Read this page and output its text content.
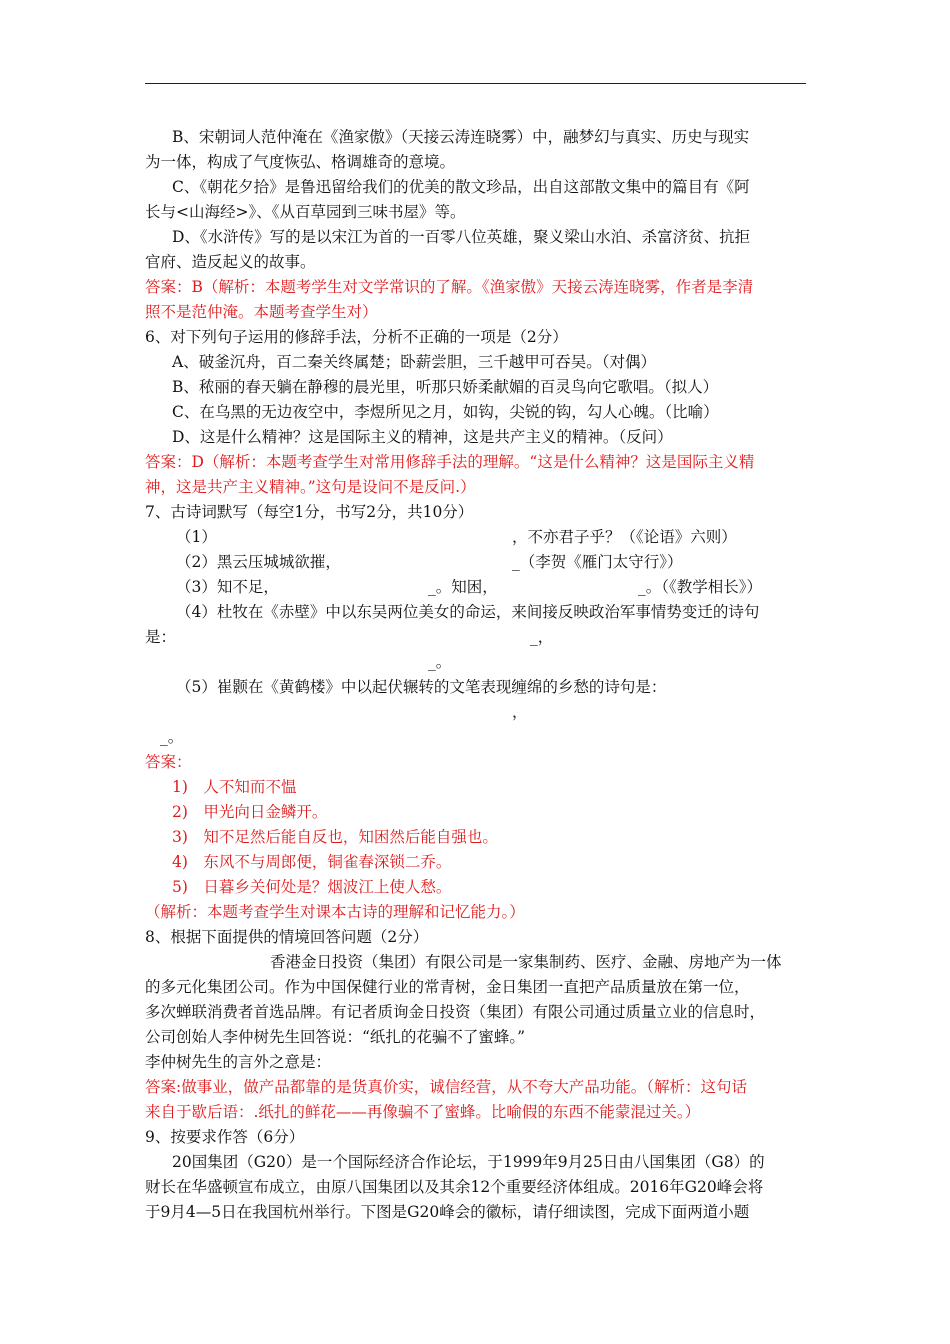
B、宋朝词人范仲淹在《渔家傲》（天接云涛连晓雾）中，融梦幻与真实、历史与现实
为一体，构成了气度恢弘、格调雄奇的意境。
C、《朝花夕拾》是鲁迅留给我们的优美的散文珍品，出自这部散文集中的篇目有《阿
长与<山海经>》、《从百草园到三味书屋》等。
D、《水浒传》写的是以宋江为首的一百零八位英雄，聚义梁山水泊、杀富济贫、抗拒
官府、造反起义的故事。
答案：B（解析：本题考学生对文学常识的了解。《渔家傲》天接云涛连晓雾，作者是李清
照不是范仲淹。本题考查学生对）
6、对下列句子运用的修辞手法，分析不正确的一项是（2分）
A、破釜沉舟，百二秦关终属楚；卧薪尝胆，三千越甲可吞吴。（对偶）
B、秾丽的春天躺在静穆的晨光里，听那只娇柔献媚的百灵鸟向它歌唱。（拟人）
C、在乌黑的无边夜空中，李煜所见之月，如钩，尖锐的钩，勾人心魄。（比喻）
D、这是什么精神？这是国际主义的精神，这是共产主义的精神。（反问）
答案：D（解析：本题考查学生对常用修辞手法的理解。“这是什么精神？这是国际主义精
神，这是共产主义精神。”这句是设问不是反问.）
7、古诗词默写（每空1分，书写2分，共10分）
（1）	，不亦君子乎？（《论语》六则）
（2）黑云压城城欲摧，	_（李贺《雁门太守行》）
（3）知不足，	_。知困，	_。（《教学相长》）
（4）杜牧在《赤壁》中以东吴两位美女的命运，来间接反映政治军事情势变迁的诗句
是：	_，
_。
（5）崔颢在《黄鹤楼》中以起伏辗转的文笔表现缠绵的乡愁的诗句是：
，
_。
答案：
1)　人不知而不愠
2)　甲光向日金鳞开。
3)　知不足然后能自反也，知困然后能自强也。
4)　东风不与周郎便，铜雀春深锁二乔。
5)　日暮乡关何处是？烟波江上使人愁。
（解析：本题考查学生对课本古诗的理解和记忆能力。）
8、根据下面提供的情境回答问题（2分）
香港金日投资（集团）有限公司是一家集制药、医疗、金融、房地产为一体
的多元化集团公司。作为中国保健行业的常青树，金日集团一直把产品质量放在第一位，
多次蝉联消费者首选品牌。有记者质询金日投资（集团）有限公司通过质量立业的信息时，
公司创始人李仲树先生回答说：“纸扎的花骗不了蜜蜂。”
李仲树先生的言外之意是：
答案:做事业，做产品都靠的是货真价实，诚信经营，从不夸大产品功能。（解析：这句话
来自于歇后语：.纸扎的鲜花——再像骗不了蜜蜂。比喻假的东西不能蒙混过关。）
9、按要求作答（6分）
20国集团（G20）是一个国际经济合作论坛，于1999年9月25日由八国集团（G8）的
财长在华盛顿宣布成立，由原八国集团以及其余12个重要经济体组成。2016年G20峰会将
于9月4—5日在我国杭州举行。下图是G20峰会的徽标，请仔细读图，完成下面两道小题
